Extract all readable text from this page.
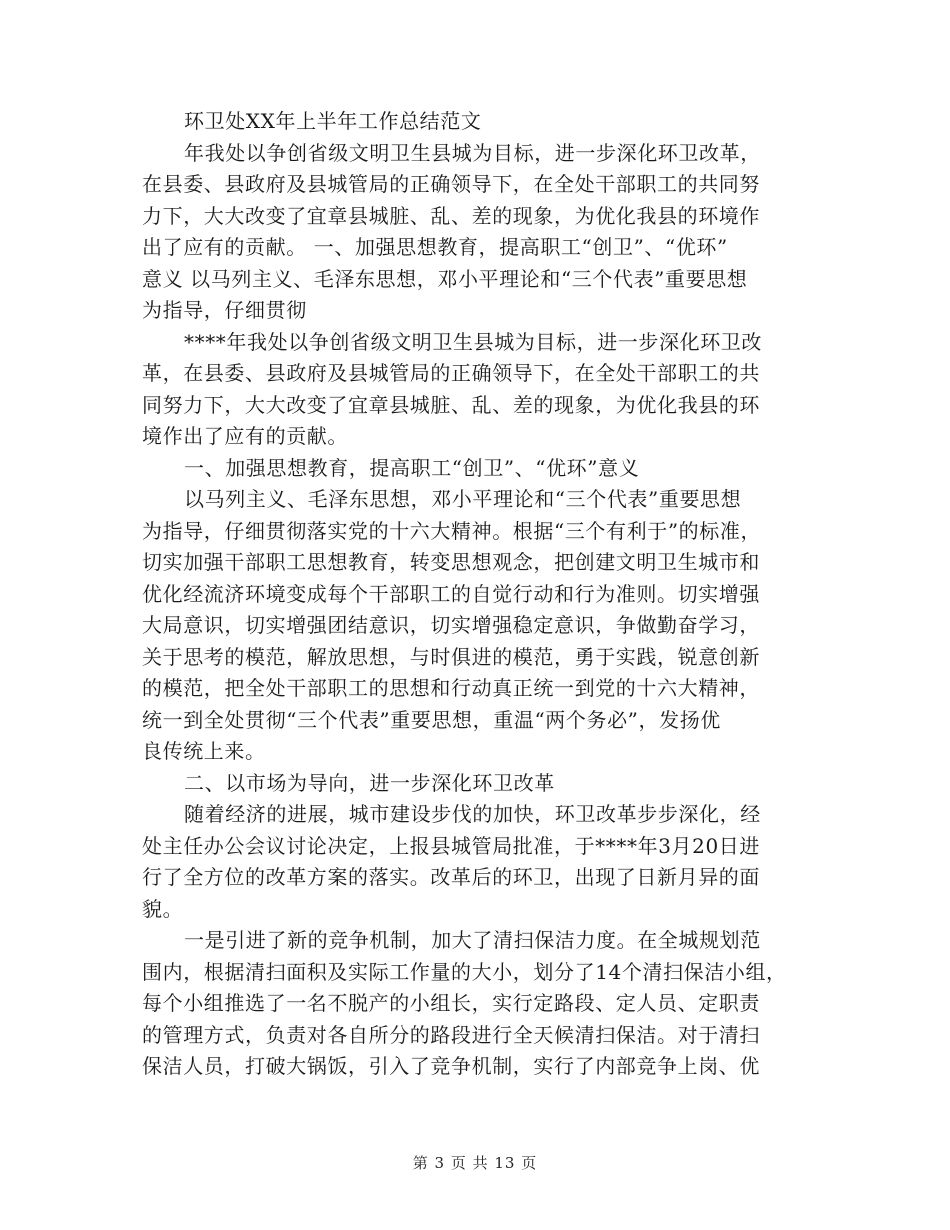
环卫处XX年上半年工作总结范文
年我处以争创省级文明卫生县城为目标，进一步深化环卫改革，
在县委、县政府及县城管局的正确领导下，在全处干部职工的共同努
力下，大大改变了宜章县城脏、乱、差的现象，为优化我县的环境作
出了应有的贡献。 一、加强思想教育，提高职工“创卫”、“优环”
意义 以马列主义、毛泽东思想，邓小平理论和“三个代表”重要思想
为指导，仔细贯彻
****年我处以争创省级文明卫生县城为目标，进一步深化环卫改
革，在县委、县政府及县城管局的正确领导下，在全处干部职工的共
同努力下，大大改变了宜章县城脏、乱、差的现象，为优化我县的环
境作出了应有的贡献。
一、加强思想教育，提高职工“创卫”、“优环”意义
以马列主义、毛泽东思想，邓小平理论和“三个代表”重要思想
为指导，仔细贯彻落实党的十六大精神。根据“三个有利于”的标准，
切实加强干部职工思想教育，转变思想观念，把创建文明卫生城市和
优化经流济环境变成每个干部职工的自觉行动和行为准则。切实增强
大局意识，切实增强团结意识，切实增强稳定意识，争做勤奋学习，
关于思考的模范，解放思想，与时俱进的模范，勇于实践，锐意创新
的模范，把全处干部职工的思想和行动真正统一到党的十六大精神，
统一到全处贯彻“三个代表”重要思想，重温“两个务必”，发扬优
良传统上来。
二、以市场为导向，进一步深化环卫改革
随着经济的进展，城市建设步伐的加快，环卫改革步步深化，经
处主任办公会议讨论决定，上报县城管局批准，于****年3月20日进
行了全方位的改革方案的落实。改革后的环卫，出现了日新月异的面
貌。
一是引进了新的竞争机制，加大了清扫保洁力度。在全城规划范
围内，根据清扫面积及实际工作量的大小，划分了14个清扫保洁小组，
每个小组推选了一名不脱产的小组长，实行定路段、定人员、定职责
的管理方式，负责对各自所分的路段进行全天候清扫保洁。对于清扫
保洁人员，打破大锅饭，引入了竞争机制，实行了内部竞争上岗、优
第 3 页 共 13 页
